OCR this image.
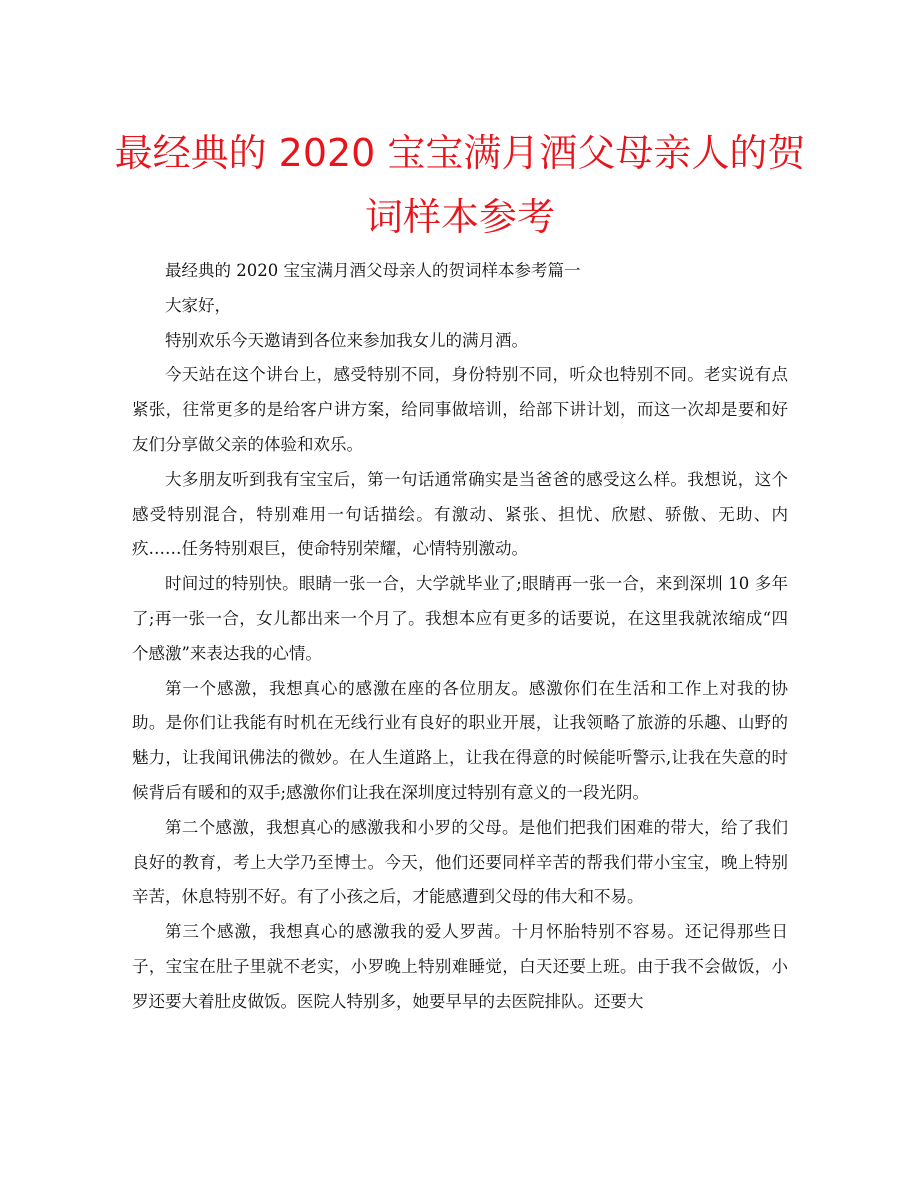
最经典的 2020 宝宝满月酒父母亲人的贺
词样本参考

最经典的 2020 宝宝满月酒父母亲人的贺词样本参考篇一

大家好，

特别欢乐今天邀请到各位来参加我女儿的满月酒。

今天站在这个讲台上，感受特别不同，身份特别不同，听众也特别不同。老实说有点紧张，往常更多的是给客户讲方案，给同事做培训，给部下讲计划，而这一次却是要和好友们分享做父亲的体验和欢乐。

大多朋友听到我有宝宝后，第一句话通常确实是当爸爸的感受这么样。我想说，这个感受特别混合，特别难用一句话描绘。有激动、紧张、担忧、欣慰、骄傲、无助、内疚……任务特别艰巨，使命特别荣耀，心情特别激动。

时间过的特别快。眼睛一张一合，大学就毕业了;眼睛再一张一合，来到深圳 10 多年了;再一张一合，女儿都出来一个月了。我想本应有更多的话要说，在这里我就浓缩成“四个感激”来表达我的心情。

第一个感激，我想真心的感激在座的各位朋友。感激你们在生活和工作上对我的协助。是你们让我能有时机在无线行业有良好的职业开展，让我领略了旅游的乐趣、山野的魅力，让我闻讯佛法的微妙。在人生道路上，让我在得意的时候能听警示,让我在失意的时候背后有暖和的双手;感激你们让我在深圳度过特别有意义的一段光阴。

第二个感激，我想真心的感激我和小罗的父母。是他们把我们困难的带大，给了我们良好的教育，考上大学乃至博士。今天，他们还要同样辛苦的帮我们带小宝宝，晚上特别辛苦，休息特别不好。有了小孩之后，才能感遭到父母的伟大和不易。

第三个感激，我想真心的感激我的爱人罗茜。十月怀胎特别不容易。还记得那些日子，宝宝在肚子里就不老实，小罗晚上特别难睡觉，白天还要上班。由于我不会做饭，小罗还要大着肚皮做饭。医院人特别多，她要早早的去医院排队。还要大
